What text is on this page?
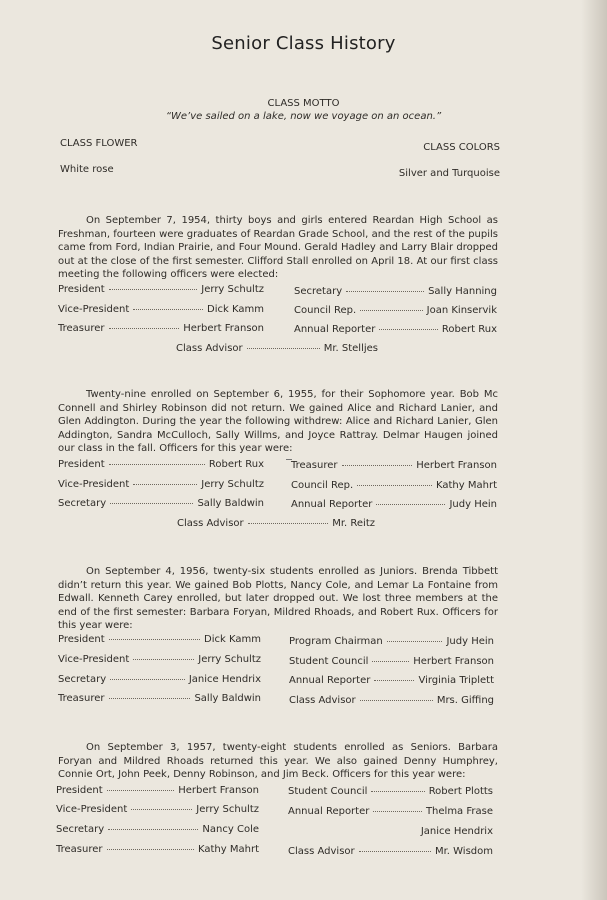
Senior Class History
CLASS MOTTO
“We’ve sailed on a lake, now we voyage on an ocean.”
CLASS FLOWER
White rose
CLASS COLORS
Silver and Turquoise
On September 7, 1954, thirty boys and girls entered Reardan High School as Freshman, fourteen were graduates of Reardan Grade School, and the rest of the pupils came from Ford, Indian Prairie, and Four Mound. Gerald Hadley and Larry Blair dropped out at the close of the first semester. Clifford Stall enrolled on April 18. At our first class meeting the following officers were elected:
President	Jerry Schultz
Vice-President	Dick Kamm
Treasurer	Herbert Franson
Secretary	Sally Hanning
Council Rep.	Joan Kinservik
Annual Reporter	Robert Rux
Class Advisor	Mr. Stelljes
Twenty-nine enrolled on September 6, 1955, for their Sophomore year. Bob Mc Connell and Shirley Robinson did not return. We gained Alice and Richard Lanier, and Glen Addington. During the year the following withdrew: Alice and Richard Lanier, Glen Addington, Sandra McCulloch, Sally Willms, and Joyce Rattray. Delmar Haugen joined our class in the fall. Officers for this year were:
President	Robert Rux
Vice-President	Jerry Schultz
Secretary	Sally Baldwin
Treasurer	Herbert Franson
Council Rep.	Kathy Mahrt
Annual Reporter	Judy Hein
Class Advisor	Mr. Reitz
On September 4, 1956, twenty-six students enrolled as Juniors. Brenda Tibbett didn’t return this year. We gained Bob Plotts, Nancy Cole, and Lemar La Fontaine from Edwall. Kenneth Carey enrolled, but later dropped out. We lost three members at the end of the first semester: Barbara Foryan, Mildred Rhoads, and Robert Rux. Officers for this year were:
President	Dick Kamm
Vice-President	Jerry Schultz
Secretary	Janice Hendrix
Treasurer	Sally Baldwin
Program Chairman	Judy Hein
Student Council	Herbert Franson
Annual Reporter	Virginia Triplett
Class Advisor	Mrs. Giffing
On September 3, 1957, twenty-eight students enrolled as Seniors. Barbara Foryan and Mildred Rhoads returned this year. We also gained Denny Humphrey, Connie Ort, John Peek, Denny Robinson, and Jim Beck. Officers for this year were:
President	Herbert Franson
Vice-President	Jerry Schultz
Secretary	Nancy Cole
Treasurer	Kathy Mahrt
Student Council	Robert Plotts
Annual Reporter	Thelma Frase
Janice Hendrix
Class Advisor	Mr. Wisdom
